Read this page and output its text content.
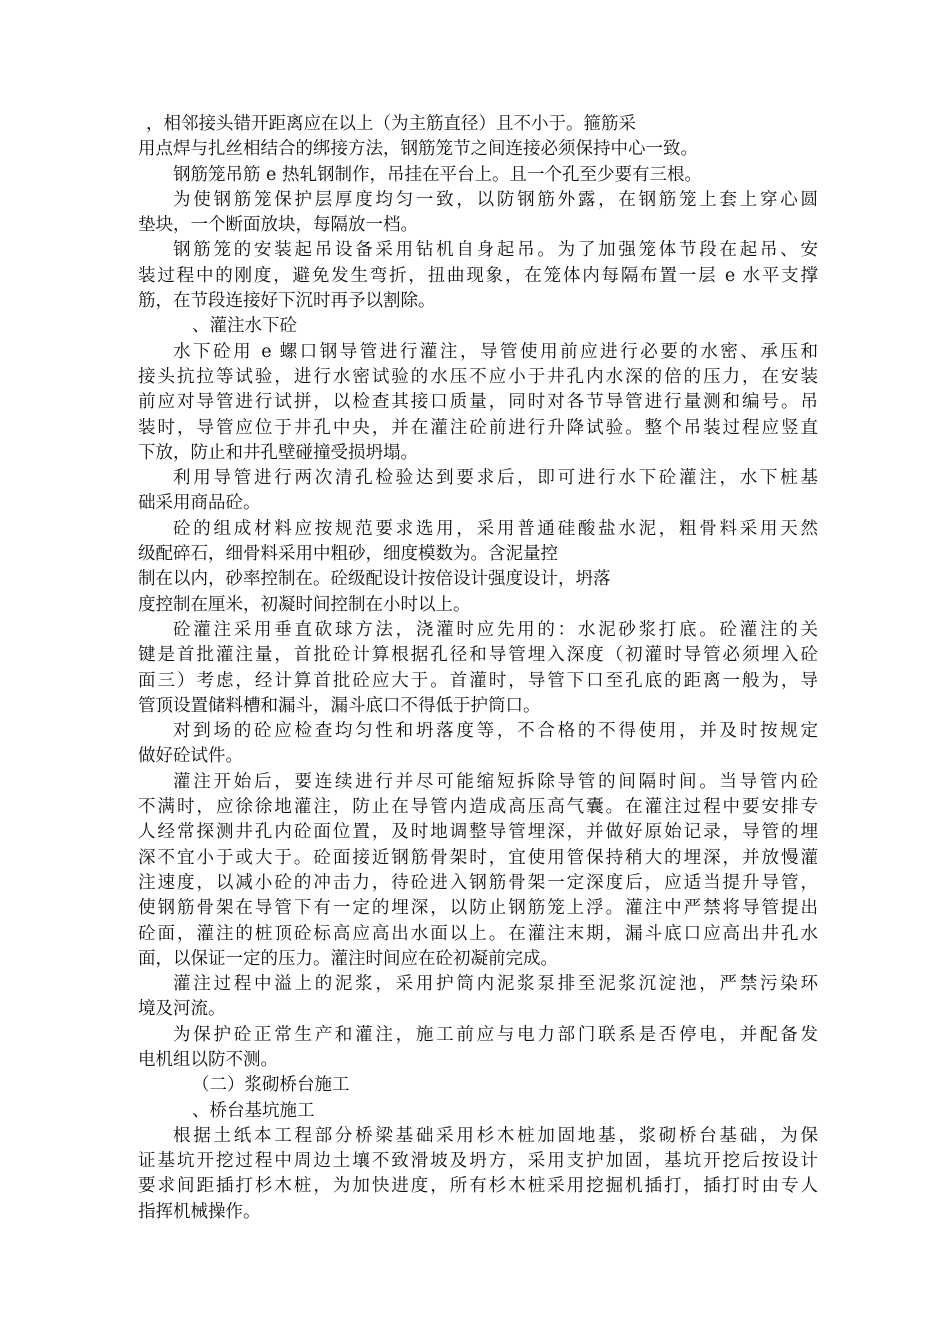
，相邻接头错开距离应在以上（为主筋直径）且不小于。箍筋采
用点焊与扎丝相结合的绑接方法，钢筋笼节之间连接必须保持中心一致。
钢筋笼吊筋 e 热轧钢制作，吊挂在平台上。且一个孔至少要有三根。
为使钢筋笼保护层厚度均匀一致，以防钢筋外露，在钢筋笼上套上穿心圆
垫块，一个断面放块，每隔放一档。
钢筋笼的安装起吊设备采用钻机自身起吊。为了加强笼体节段在起吊、安
装过程中的刚度，避免发生弯折，扭曲现象，在笼体内每隔布置一层 e 水平支撑
筋，在节段连接好下沉时再予以割除。
、灌注水下砼
水下砼用 e 螺口钢导管进行灌注，导管使用前应进行必要的水密、承压和
接头抗拉等试验，进行水密试验的水压不应小于井孔内水深的倍的压力，在安装
前应对导管进行试拼，以检查其接口质量，同时对各节导管进行量测和编号。吊
装时，导管应位于井孔中央，并在灌注砼前进行升降试验。整个吊装过程应竖直
下放，防止和井孔壁碰撞受损坍塌。
利用导管进行两次清孔检验达到要求后，即可进行水下砼灌注，水下桩基
础采用商品砼。
砼的组成材料应按规范要求选用，采用普通硅酸盐水泥，粗骨料采用天然
级配碎石，细骨料采用中粗砂，细度模数为。含泥量控
制在以内，砂率控制在。砼级配设计按倍设计强度设计，坍落
度控制在厘米，初凝时间控制在小时以上。
砼灌注采用垂直砍球方法，浇灌时应先用的：水泥砂浆打底。砼灌注的关
键是首批灌注量，首批砼计算根据孔径和导管埋入深度（初灌时导管必须埋入砼
面三）考虑，经计算首批砼应大于。首灌时，导管下口至孔底的距离一般为，导
管顶设置储料槽和漏斗，漏斗底口不得低于护筒口。
对到场的砼应检查均匀性和坍落度等，不合格的不得使用，并及时按规定
做好砼试件。
灌注开始后，要连续进行并尽可能缩短拆除导管的间隔时间。当导管内砼
不满时，应徐徐地灌注，防止在导管内造成高压高气囊。在灌注过程中要安排专
人经常探测井孔内砼面位置，及时地调整导管埋深，并做好原始记录，导管的埋
深不宜小于或大于。砼面接近钢筋骨架时，宜使用管保持稍大的埋深，并放慢灌
注速度，以减小砼的冲击力，待砼进入钢筋骨架一定深度后，应适当提升导管，
使钢筋骨架在导管下有一定的埋深，以防止钢筋笼上浮。灌注中严禁将导管提出
砼面，灌注的桩顶砼标高应高出水面以上。在灌注末期，漏斗底口应高出井孔水
面，以保证一定的压力。灌注时间应在砼初凝前完成。
灌注过程中溢上的泥浆，采用护筒内泥浆泵排至泥浆沉淀池，严禁污染环
境及河流。
为保护砼正常生产和灌注，施工前应与电力部门联系是否停电，并配备发
电机组以防不测。
（二）浆砌桥台施工
、桥台基坑施工
根据土纸本工程部分桥梁基础采用杉木桩加固地基，浆砌桥台基础，为保
证基坑开挖过程中周边土壤不致滑坡及坍方，采用支护加固，基坑开挖后按设计
要求间距插打杉木桩，为加快进度，所有杉木桩采用挖掘机插打，插打时由专人
指挥机械操作。
